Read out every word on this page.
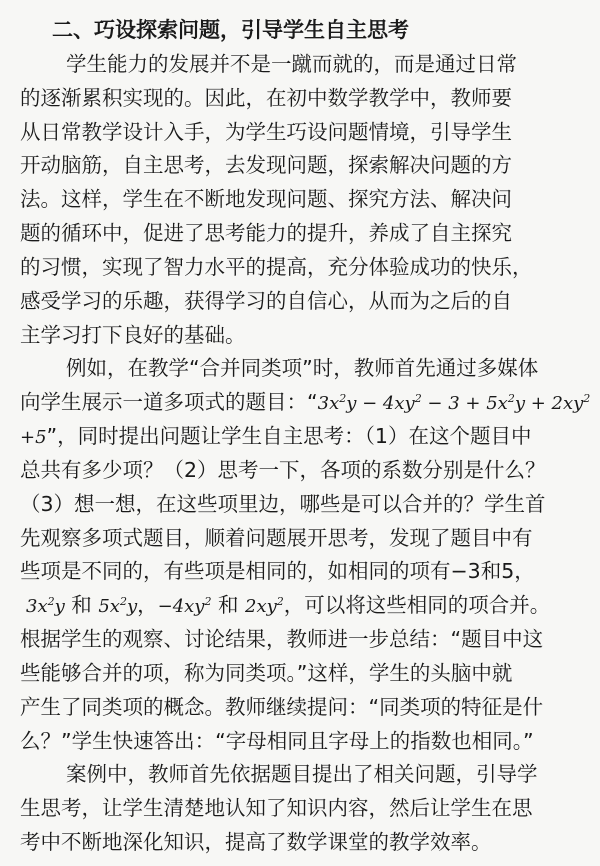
二、巧设探索问题，引导学生自主思考
学生能力的发展并不是一蹴而就的，而是通过日常
的逐渐累积实现的。因此，在初中数学教学中，教师要
从日常教学设计入手，为学生巧设问题情境，引导学生
开动脑筋，自主思考，去发现问题，探索解决问题的方
法。这样，学生在不断地发现问题、探究方法、解决问
题的循环中，促进了思考能力的提升，养成了自主探究
的习惯，实现了智力水平的提高，充分体验成功的快乐，
感受学习的乐趣，获得学习的自信心，从而为之后的自
主学习打下良好的基础。
例如，在教学“合并同类项”时，教师首先通过多媒体
向学生展示一道多项式的题目：“$3x^2y - 4xy^2 - 3 + 5x^2y + 2xy^2$
+5”，同时提出问题让学生自主思考：（1）在这个题目中
总共有多少项？（2）思考一下，各项的系数分别是什么？
（3）想一想，在这些项里边，哪些是可以合并的？学生首
先观察多项式题目，顺着问题展开思考，发现了题目中有
些项是不同的，有些项是相同的，如相同的项有−3和5，
$3x^2y$ 和 $5x^2y$，$-4xy^2$ 和 $2xy^2$，可以将这些相同的项合并。
根据学生的观察、讨论结果，教师进一步总结：“题目中这
些能够合并的项，称为同类项。”这样，学生的头脑中就
产生了同类项的概念。教师继续提问：“同类项的特征是什
么？”学生快速答出：“字母相同且字母上的指数也相同。”
案例中，教师首先依据题目提出了相关问题，引导学
生思考，让学生清楚地认知了知识内容，然后让学生在思
考中不断地深化知识，提高了数学课堂的教学效率。
